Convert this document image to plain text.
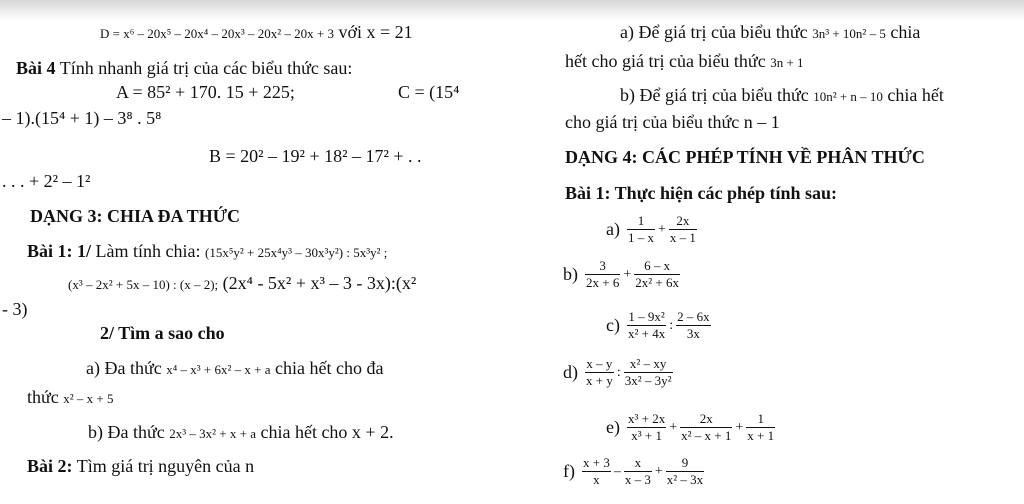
D = x⁶ – 20x⁵ – 20x⁴ – 20x³ – 20x² – 20x + 3 với x = 21
Bài 4 Tính nhanh giá trị của các biểu thức sau:
A = 85² + 170. 15 + 225;	C = (15⁴
– 1).(15⁴ + 1) – 3⁸ . 5⁸
B = 20² – 19² + 18² – 17² + . .
. . . + 2² – 1²
DẠNG 3: CHIA ĐA THỨC
Bài 1: 1/ Làm tính chia: (15x⁵y² + 25x⁴y³ – 30x³y²) : 5x³y² ;
(x³ – 2x² + 5x – 10) : (x – 2); (2x⁴ - 5x² + x³ – 3 - 3x):(x²
- 3)
2/ Tìm a sao cho
a) Đa thức x⁴ – x³ + 6x² – x + a chia hết cho đa
thức x² – x + 5
b) Đa thức 2x³ – 3x² + x + a chia hết cho x + 2.
Bài 2: Tìm giá trị nguyên của n
a) Để giá trị của biểu thức 3n³ + 10n² – 5 chia
hết cho giá trị của biểu thức 3n + 1
b) Để giá trị của biểu thức 10n² + n – 10 chia hết
cho giá trị của biểu thức n – 1
DẠNG 4: CÁC PHÉP TÍNH VỀ PHÂN THỨC
Bài 1: Thực hiện các phép tính sau:
$a) \frac{1}{1 - x} + \frac{2x}{x - 1}$
$b) \frac{3}{2x + 6} + \frac{6 - x}{\text{2x² + 6x}}$
$c) \frac{\text{1 – 9x²}}{\text{x² + 4x}}$ : $\frac{2 - 6x}{3x}$
$d) \frac{x - y}{x + y}$ : $\frac{\text{x² – xy}}{\text{3x² – 3y²}}$
$e) \frac{\text{x³ + 2x}}{\text{x³ + 1}} + \frac{2x}{\text{x² – x + 1}} + \frac{1}{x + 1}$
$f) \frac{x + 3}{x} - \frac{x}{x - 3} + \frac{9}{\text{x² – 3x}}$
